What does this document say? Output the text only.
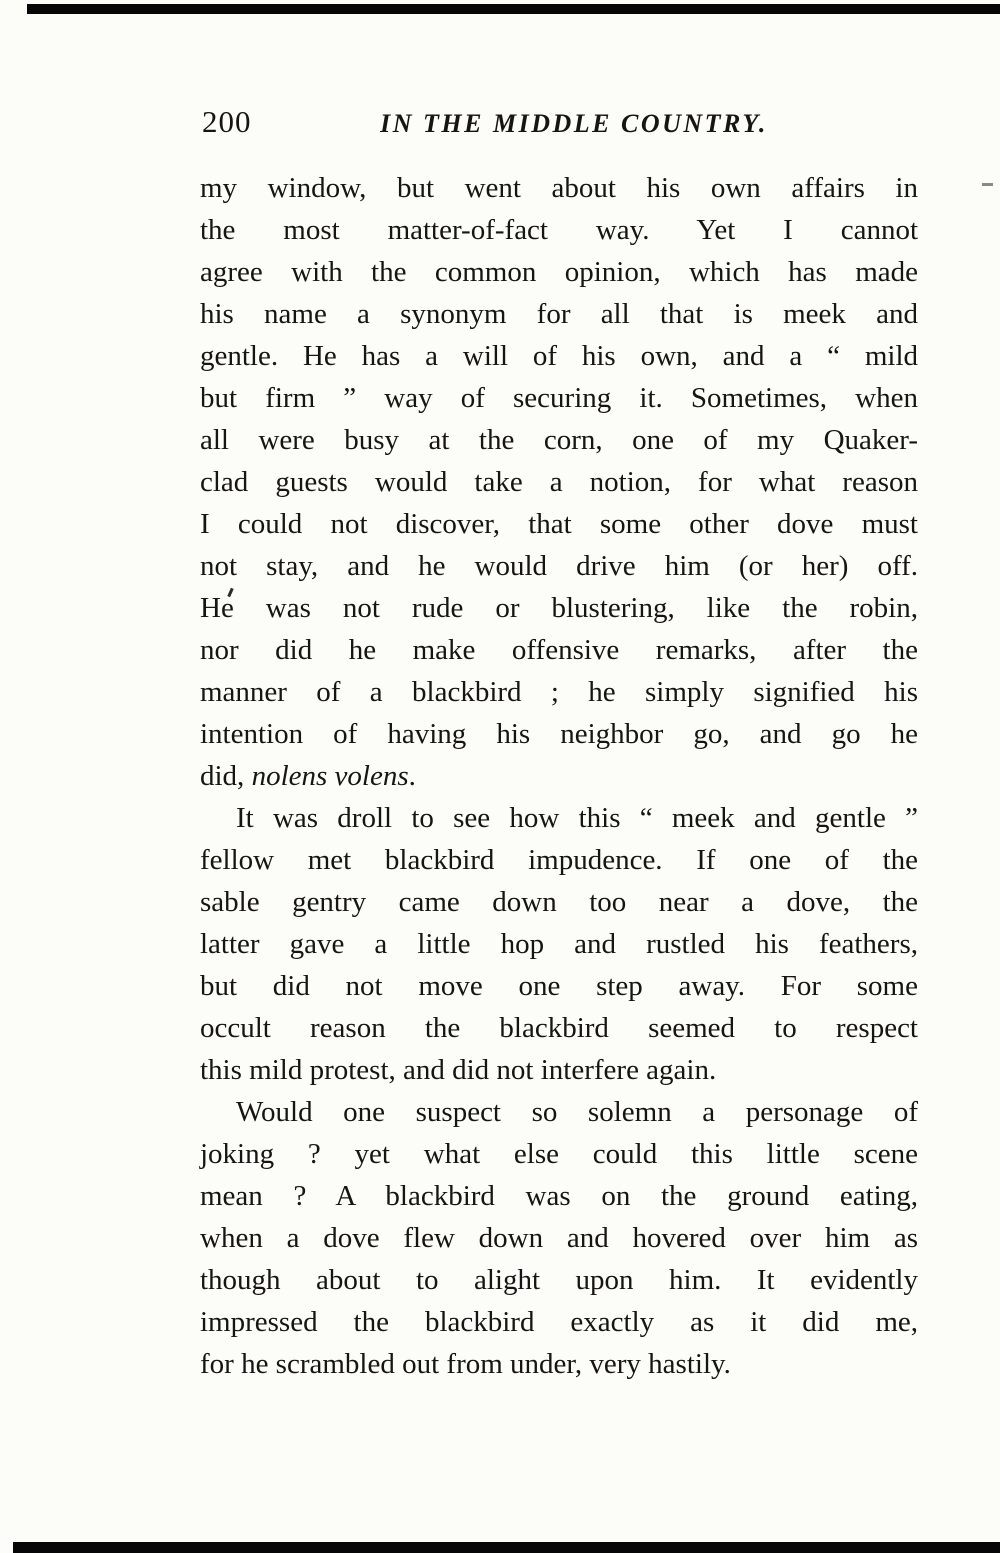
200	IN THE MIDDLE COUNTRY.
my window, but went about his own affairs in
the most matter-of-fact way. Yet I cannot
agree with the common opinion, which has made
his name a synonym for all that is meek and
gentle. He has a will of his own, and a “ mild
but firm ” way of securing it. Sometimes, when
all were busy at the corn, one of my Quaker-
clad guests would take a notion, for what reason
I could not discover, that some other dove must
not stay, and he would drive him (or her) off.
He was not rude or blustering, like the robin,
nor did he make offensive remarks, after the
manner of a blackbird ; he simply signified his
intention of having his neighbor go, and go he
did, nolens volens.
It was droll to see how this “ meek and gentle ”
fellow met blackbird impudence. If one of the
sable gentry came down too near a dove, the
latter gave a little hop and rustled his feathers,
but did not move one step away. For some
occult reason the blackbird seemed to respect
this mild protest, and did not interfere again.
Would one suspect so solemn a personage of
joking ? yet what else could this little scene
mean ? A blackbird was on the ground eating,
when a dove flew down and hovered over him as
though about to alight upon him. It evidently
impressed the blackbird exactly as it did me,
for he scrambled out from under, very hastily.
